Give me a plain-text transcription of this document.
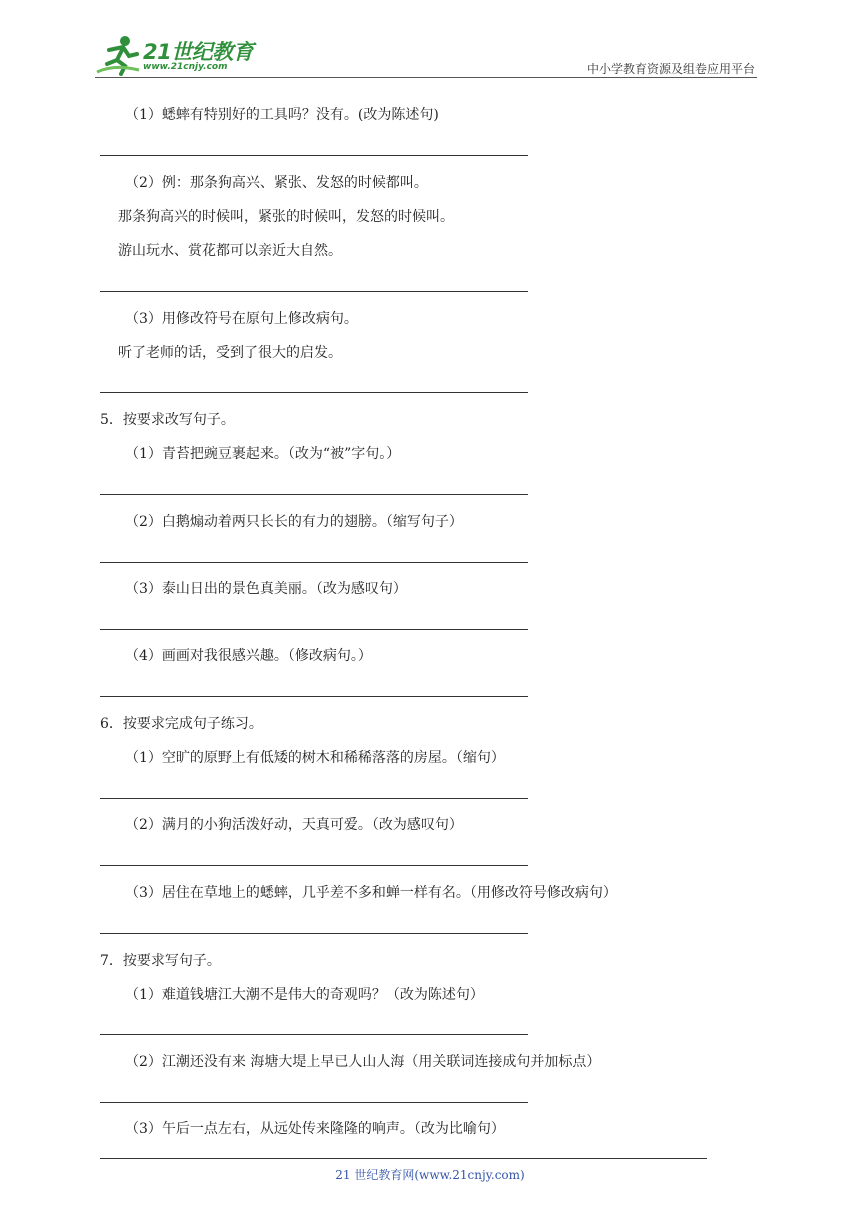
21世纪教育
www.21cnjy.com	中小学教育资源及组卷应用平台
（1）蟋蟀有特别好的工具吗？没有。(改为陈述句)
（2）例：那条狗高兴、紧张、发怒的时候都叫。
那条狗高兴的时候叫，紧张的时候叫，发怒的时候叫。
游山玩水、赏花都可以亲近大自然。
（3）用修改符号在原句上修改病句。
听了老师的话，受到了很大的启发。
5．按要求改写句子。
（1）青苔把豌豆裹起来。（改为“被”字句。）
（2）白鹅煽动着两只长长的有力的翅膀。（缩写句子）
（3）泰山日出的景色真美丽。（改为感叹句）
（4）画画对我很感兴趣。（修改病句。）
6．按要求完成句子练习。
（1）空旷的原野上有低矮的树木和稀稀落落的房屋。（缩句）
（2）满月的小狗活泼好动，天真可爱。（改为感叹句）
（3）居住在草地上的蟋蟀，几乎差不多和蝉一样有名。（用修改符号修改病句）
7．按要求写句子。
（1）难道钱塘江大潮不是伟大的奇观吗？（改为陈述句）
（2）江潮还没有来 海塘大堤上早已人山人海（用关联词连接成句并加标点）
（3）午后一点左右，从远处传来隆隆的响声。（改为比喻句）
21 世纪教育网(www.21cnjy.com)
